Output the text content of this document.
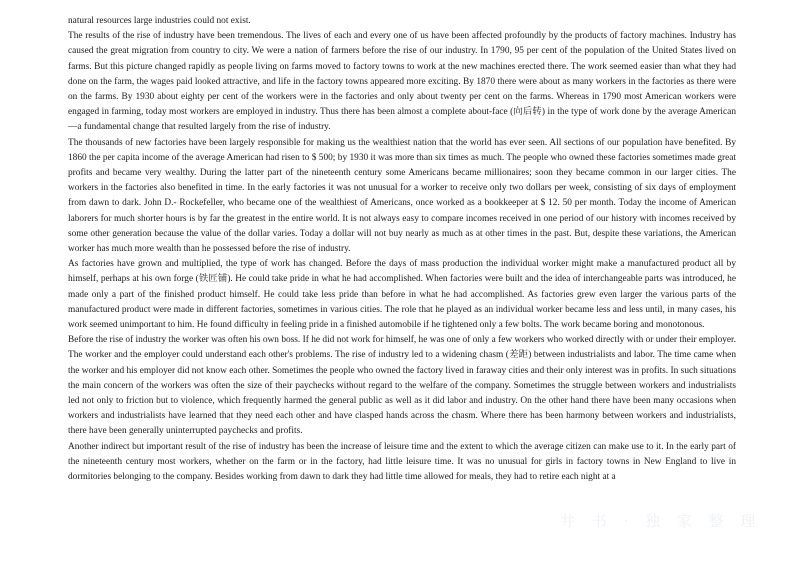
natural resources large industries could not exist.

The results of the rise of industry have been tremendous. The lives of each and every one of us have been affected profoundly by the products of factory machines. Industry has caused the great migration from country to city. We were a nation of farmers before the rise of our industry. In 1790, 95 per cent of the population of the United States lived on farms. But this picture changed rapidly as people living on farms moved to factory towns to work at the new machines erected there. The work seemed easier than what they had done on the farm, the wages paid looked attractive, and life in the factory towns appeared more exciting. By 1870 there were about as many workers in the factories as there were on the farms. By 1930 about eighty per cent of the workers were in the factories and only about twenty per cent on the farms. Whereas in 1790 most American workers were engaged in farming, today most workers are employed in industry. Thus there has been almost a complete about-face (向后转) in the type of work done by the average American—a fundamental change that resulted largely from the rise of industry.

The thousands of new factories have been largely responsible for making us the wealthiest nation that the world has ever seen. All sections of our population have benefited. By 1860 the per capita income of the average American had risen to $ 500; by 1930 it was more than six times as much. The people who owned these factories sometimes made great profits and became very wealthy. During the latter part of the nineteenth century some Americans became millionaires; soon they became common in our larger cities. The workers in the factories also benefited in time. In the early factories it was not unusual for a worker to receive only two dollars per week, consisting of six days of employment from dawn to dark. John D.- Rockefeller, who became one of the wealthiest of Americans, once worked as a bookkeeper at $ 12. 50 per month. Today the income of American laborers for much shorter hours is by far the greatest in the entire world. It is not always easy to compare incomes received in one period of our history with incomes received by some other generation because the value of the dollar varies. Today a dollar will not buy nearly as much as at other times in the past. But, despite these variations, the American worker has much more wealth than he possessed before the rise of industry.

As factories have grown and multiplied, the type of work has changed. Before the days of mass production the individual worker might make a manufactured product all by himself, perhaps at his own forge (铁匠铺). He could take pride in what he had accomplished. When factories were built and the idea of interchangeable parts was introduced, he made only a part of the finished product himself. He could take less pride than before in what he had accomplished. As factories grew even larger the various parts of the manufactured product were made in different factories, sometimes in various cities. The role that he played as an individual worker became less and less until, in many cases, his work seemed unimportant to him. He found difficulty in feeling pride in a finished automobile if he tightened only a few bolts. The work became boring and monotonous.

Before the rise of industry the worker was often his own boss. If he did not work for himself, he was one of only a few workers who worked directly with or under their employer. The worker and the employer could understand each other's problems. The rise of industry led to a widening chasm (差距) between industrialists and labor. The time came when the worker and his employer did not know each other. Sometimes the people who owned the factory lived in faraway cities and their only interest was in profits. In such situations the main concern of the workers was often the size of their paychecks without regard to the welfare of the company. Sometimes the struggle between workers and industrialists led not only to friction but to violence, which frequently harmed the general public as well as it did labor and industry. On the other hand there have been many occasions when workers and industrialists have learned that they need each other and have clasped hands across the chasm. Where there has been harmony between workers and industrialists, there have been generally uninterrupted paychecks and profits.

Another indirect but important result of the rise of industry has been the increase of leisure time and the extent to which the average citizen can make use to it. In the early part of the nineteenth century most workers, whether on the farm or in the factory, had little leisure time. It was no unusual for girls in factory towns in New England to live in dormitories belonging to the company. Besides working from dawn to dark they had little time allowed for meals, they had to retire each night at a

井 书 · 独 家 整 理
